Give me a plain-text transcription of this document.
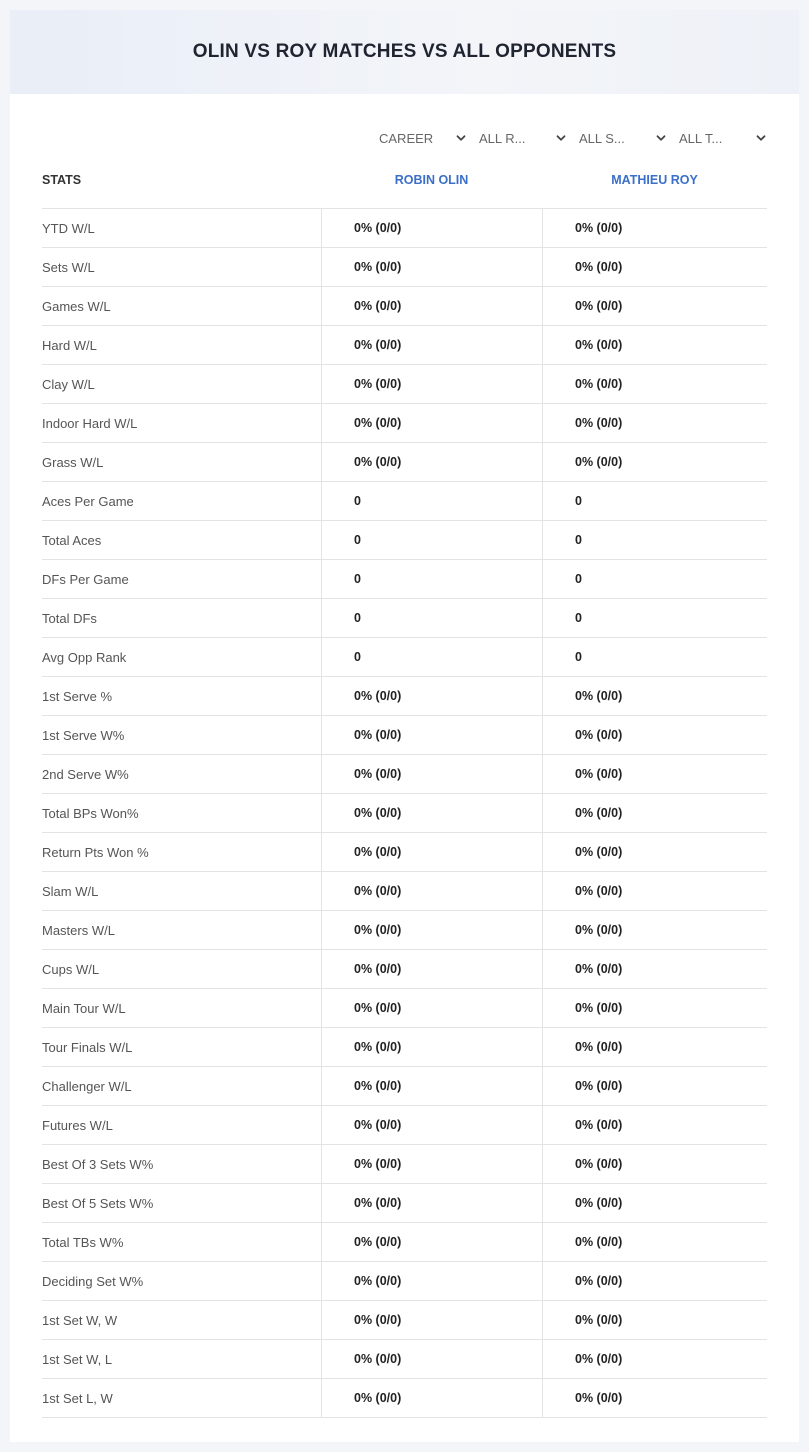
OLIN VS ROY MATCHES VS ALL OPPONENTS
CAREER	ALL R...	ALL S...	ALL T...
STATS	ROBIN OLIN	MATHIEU ROY
YTD W/L	0% (0/0)	0% (0/0)
Sets W/L	0% (0/0)	0% (0/0)
Games W/L	0% (0/0)	0% (0/0)
Hard W/L	0% (0/0)	0% (0/0)
Clay W/L	0% (0/0)	0% (0/0)
Indoor Hard W/L	0% (0/0)	0% (0/0)
Grass W/L	0% (0/0)	0% (0/0)
Aces Per Game	0	0
Total Aces	0	0
DFs Per Game	0	0
Total DFs	0	0
Avg Opp Rank	0	0
1st Serve %	0% (0/0)	0% (0/0)
1st Serve W%	0% (0/0)	0% (0/0)
2nd Serve W%	0% (0/0)	0% (0/0)
Total BPs Won%	0% (0/0)	0% (0/0)
Return Pts Won %	0% (0/0)	0% (0/0)
Slam W/L	0% (0/0)	0% (0/0)
Masters W/L	0% (0/0)	0% (0/0)
Cups W/L	0% (0/0)	0% (0/0)
Main Tour W/L	0% (0/0)	0% (0/0)
Tour Finals W/L	0% (0/0)	0% (0/0)
Challenger W/L	0% (0/0)	0% (0/0)
Futures W/L	0% (0/0)	0% (0/0)
Best Of 3 Sets W%	0% (0/0)	0% (0/0)
Best Of 5 Sets W%	0% (0/0)	0% (0/0)
Total TBs W%	0% (0/0)	0% (0/0)
Deciding Set W%	0% (0/0)	0% (0/0)
1st Set W, W	0% (0/0)	0% (0/0)
1st Set W, L	0% (0/0)	0% (0/0)
1st Set L, W	0% (0/0)	0% (0/0)
